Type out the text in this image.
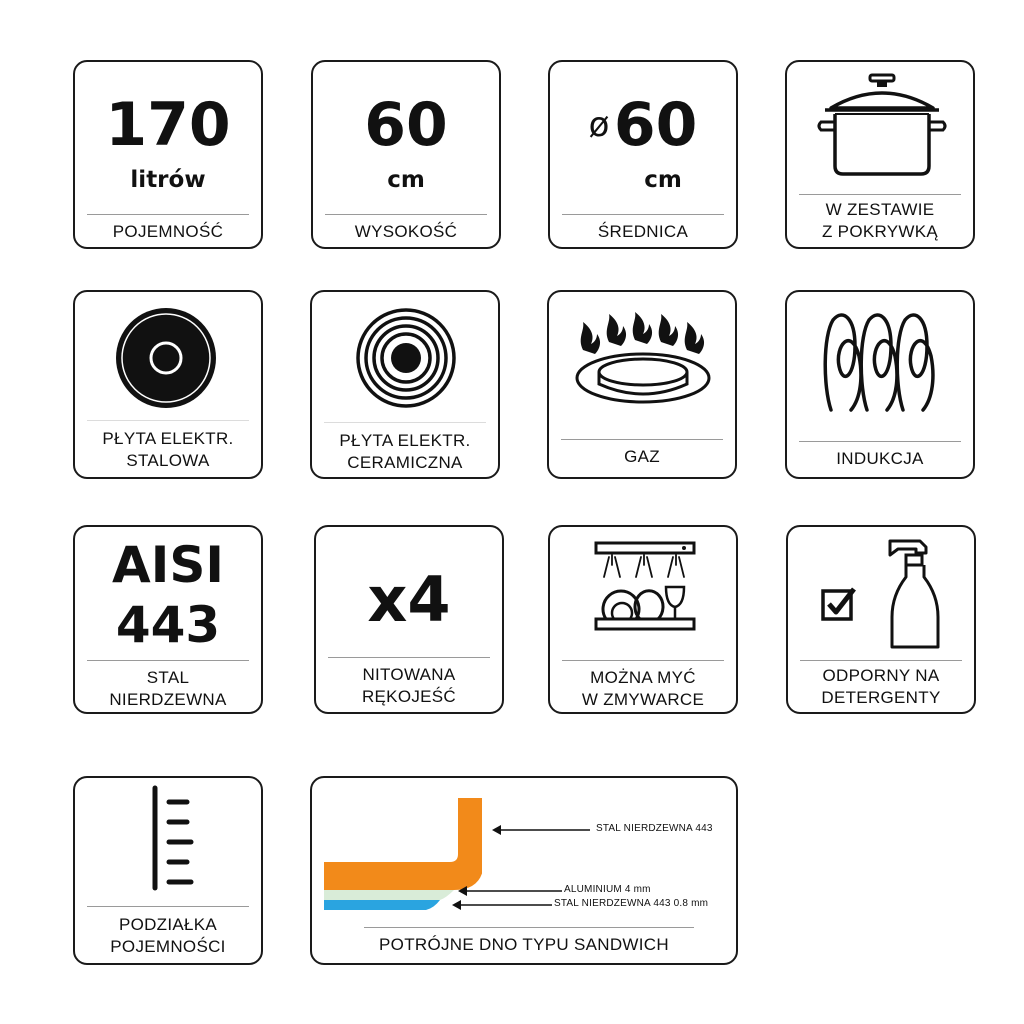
170
litrów
POJEMNOŚĆ
60
cm
WYSOKOŚĆ
ø 60
cm
ŚREDNICA
W ZESTAWIE
Z POKRYWKĄ
PŁYTA ELEKTR.
STALOWA
PŁYTA ELEKTR.
CERAMICZNA	GAZ	INDUKCJA
AISI
443
STAL
NIERDZEWNA
x4
NITOWANA
RĘKOJEŚĆ
MOŻNA MYĆ
W ZMYWARCE
ODPORNY NA
DETERGENTY
PODZIAŁKA
POJEMNOŚCI
STAL NIERDZEWNA 443
ALUMINIUM 4 mm
STAL NIERDZEWNA 443 0.8 mm
POTRÓJNE DNO TYPU SANDWICH
